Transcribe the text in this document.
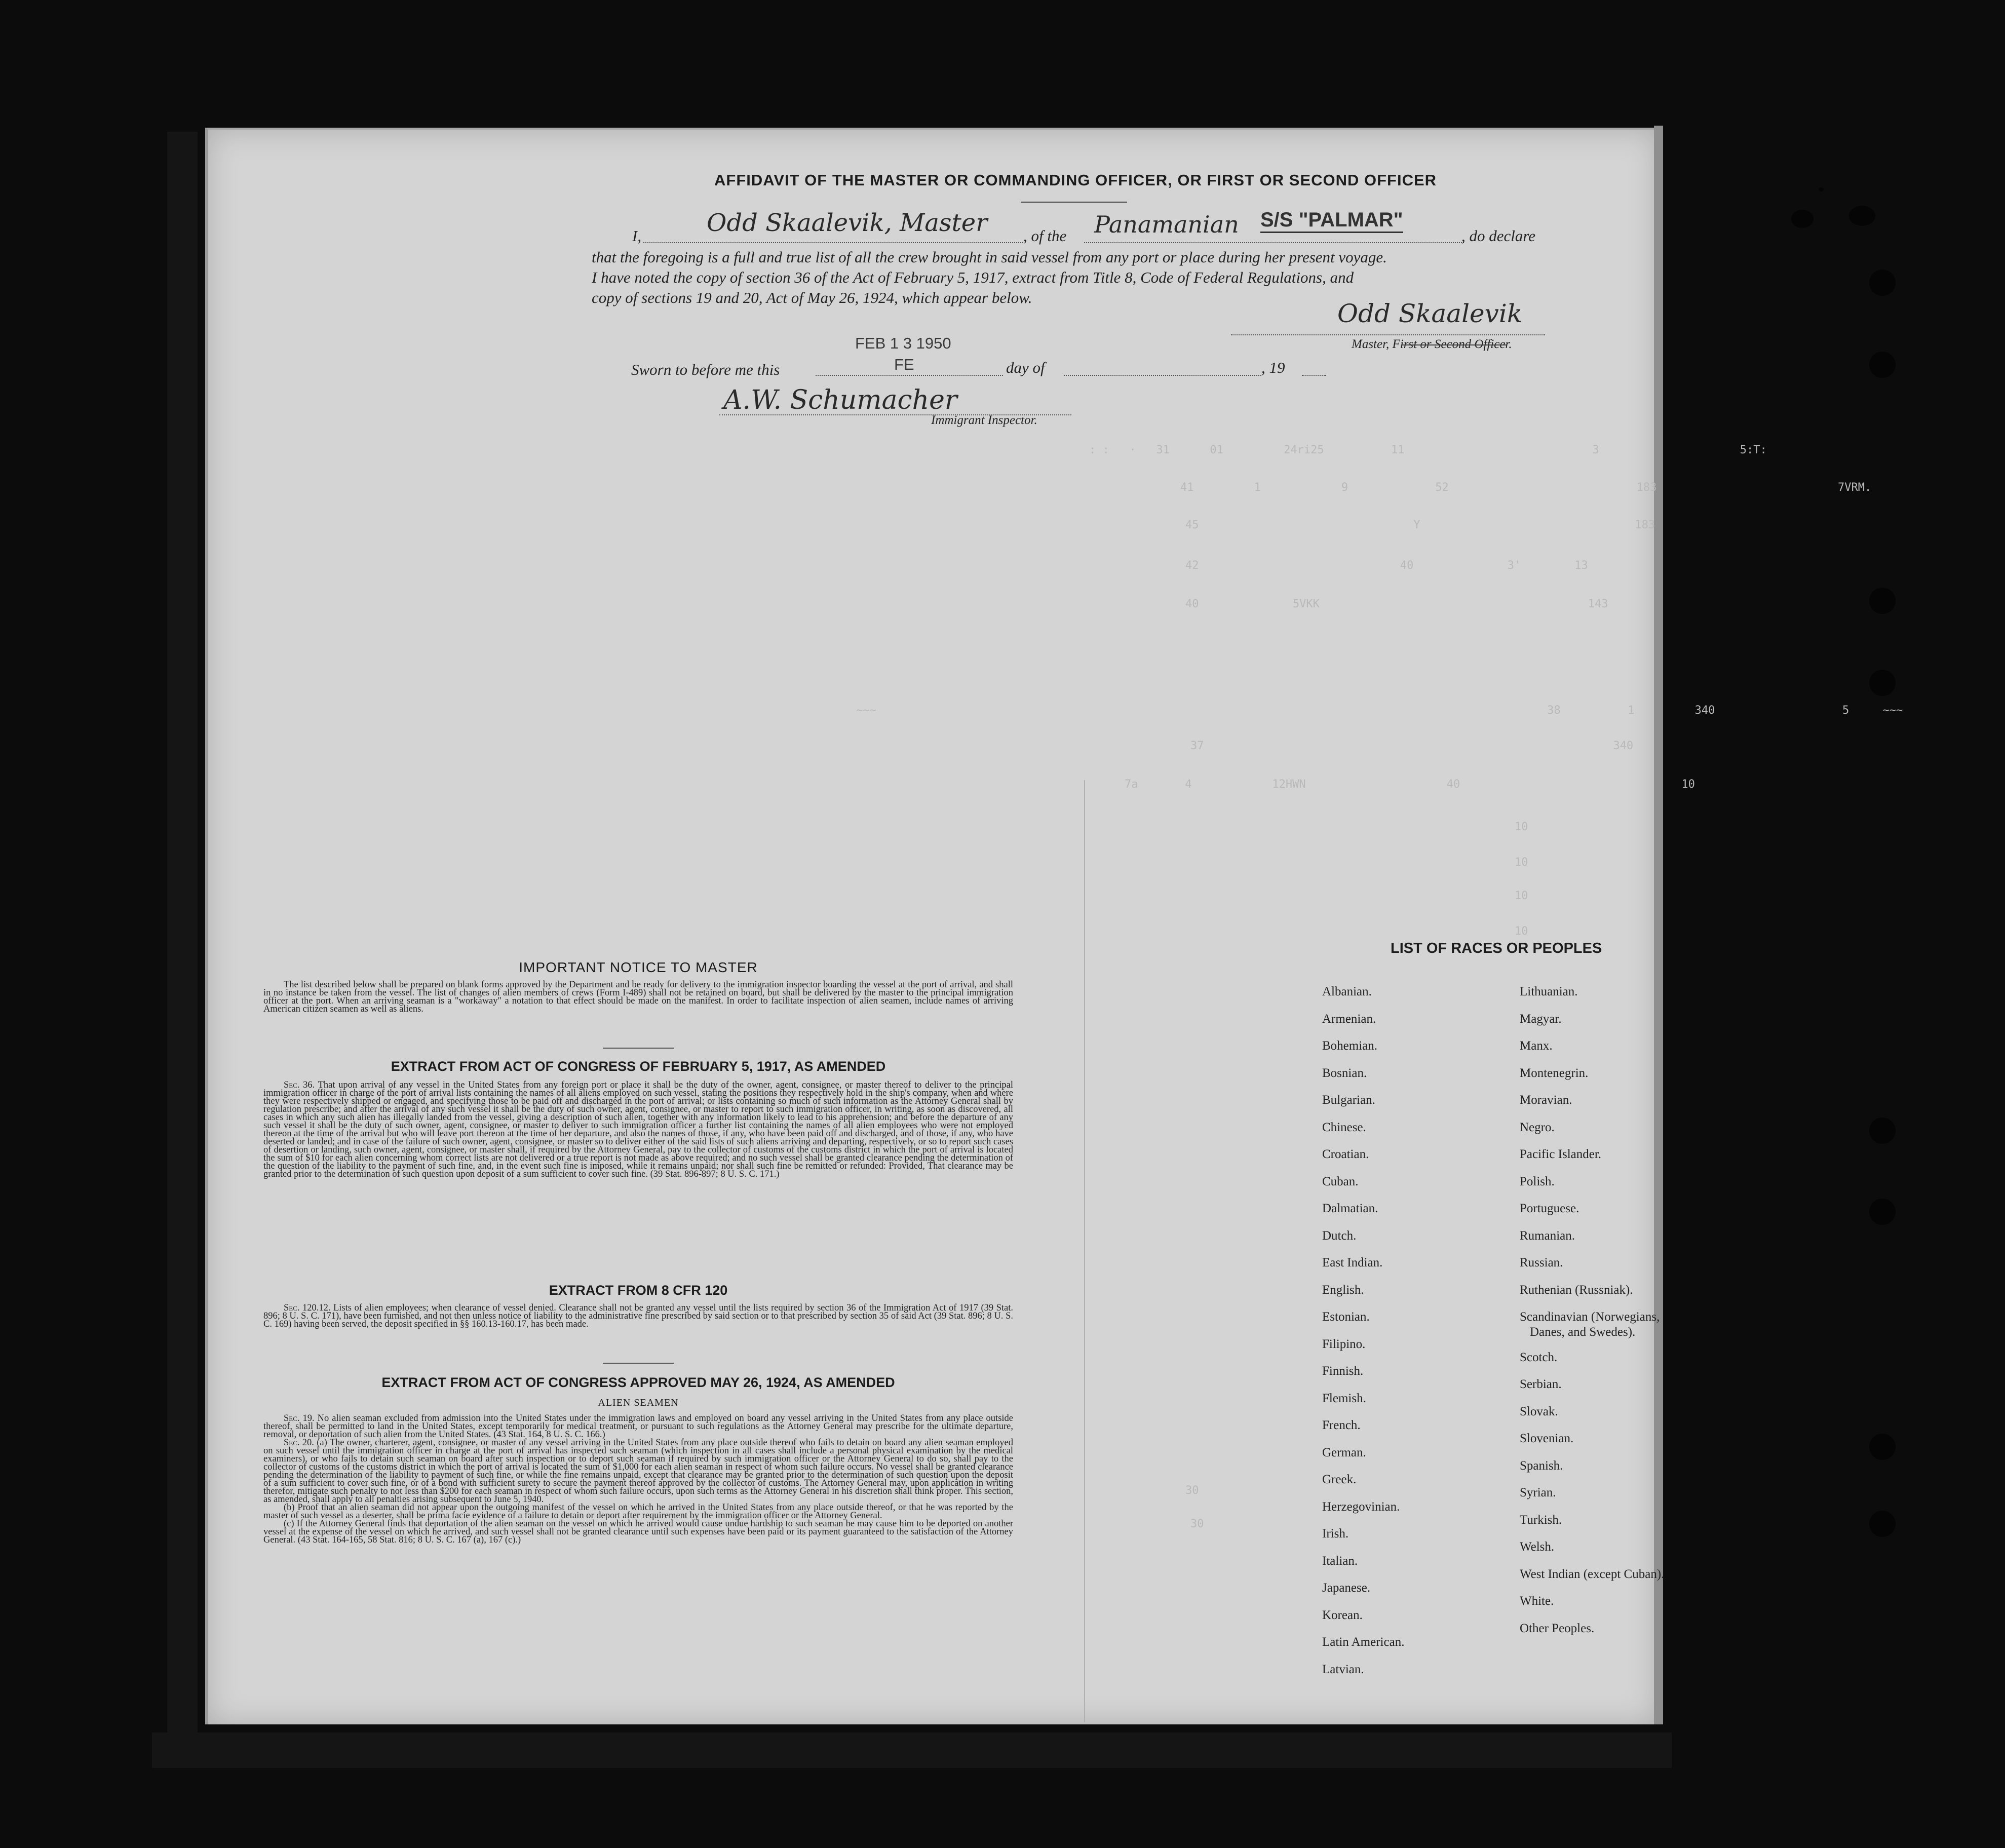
: :   ·   31      01         24ri25          11                            3                     5:T:
41         1            9             52                            183                           7VRM.
45                                Y                                183
42                              40              3'        13
40              5VKK                                        143
~~~                                                                                                    38          1         340                   5     ~~~
37                                                             340
7a       4            12HWN                     40                                 10
10
10
10
10
30
30
AFFIDAVIT OF THE MASTER OR COMMANDING OFFICER, OR FIRST OR SECOND OFFICER
I,	Odd Skaalevik, Master , of the Panamanian S/S "PALMAR"
, do declare
that the foregoing is a full and true list of all the crew brought in said vessel from any port or place during her present voyage.
I have noted the copy of section 36 of the Act of February 5, 1917, extract from Title 8, Code of Federal Regulations, and
copy of sections 19 and 20, Act of May 26, 1924, which appear below.
Odd Skaalevik
Master, First or Second Officer.
FEB 1 3 1950
FE
Sworn to before me this	day of	, 19
A.W. Schumacher
Immigrant Inspector.
IMPORTANT NOTICE TO MASTER

The list described below shall be prepared on blank forms approved by the Department and be ready for delivery to the immigration inspector boarding the vessel at the port of arrival, and shall in no instance be taken from the vessel. The list of changes of alien members of crews (Form I-489) shall not be retained on board, but shall be delivered by the master to the principal immigration officer at the port. When an arriving seaman is a "workaway" a notation to that effect should be made on the manifest. In order to facilitate inspection of alien seamen, include names of arriving American citizen seamen as well as aliens.

EXTRACT FROM ACT OF CONGRESS OF FEBRUARY 5, 1917, AS AMENDED

Sec. 36. That upon arrival of any vessel in the United States from any foreign port or place it shall be the duty of the owner, agent, consignee, or master thereof to deliver to the principal immigration officer in charge of the port of arrival lists containing the names of all aliens employed on such vessel, stating the positions they respectively hold in the ship's company, when and where they were respectively shipped or engaged, and specifying those to be paid off and discharged in the port of arrival; or lists containing so much of such information as the Attorney General shall by regulation prescribe; and after the arrival of any such vessel it shall be the duty of such owner, agent, consignee, or master to report to such immigration officer, in writing, as soon as discovered, all cases in which any such alien has illegally landed from the vessel, giving a description of such alien, together with any information likely to lead to his apprehension; and before the departure of any such vessel it shall be the duty of such owner, agent, consignee, or master to deliver to such immigration officer a further list containing the names of all alien employees who were not employed thereon at the time of the arrival but who will leave port thereon at the time of her departure, and also the names of those, if any, who have been paid off and discharged, and of those, if any, who have deserted or landed; and in case of the failure of such owner, agent, consignee, or master so to deliver either of the said lists of such aliens arriving and departing, respectively, or so to report such cases of desertion or landing, such owner, agent, consignee, or master shall, if required by the Attorney General, pay to the collector of customs of the customs district in which the port of arrival is located the sum of $10 for each alien concerning whom correct lists are not delivered or a true report is not made as above required; and no such vessel shall be granted clearance pending the determination of the question of the liability to the payment of such fine, and, in the event such fine is imposed, while it remains unpaid; nor shall such fine be remitted or refunded: Provided, That clearance may be granted prior to the determination of such question upon deposit of a sum sufficient to cover such fine. (39 Stat. 896-897; 8 U. S. C. 171.)

EXTRACT FROM 8 CFR 120

Sec. 120.12. Lists of alien employees; when clearance of vessel denied. Clearance shall not be granted any vessel until the lists required by section 36 of the Immigration Act of 1917 (39 Stat. 896; 8 U. S. C. 171), have been furnished, and not then unless notice of liability to the administrative fine prescribed by said section or to that prescribed by section 35 of said Act (39 Stat. 896; 8 U. S. C. 169) having been served, the deposit specified in §§ 160.13-160.17, has been made.

EXTRACT FROM ACT OF CONGRESS APPROVED MAY 26, 1924, AS AMENDED
ALIEN SEAMEN

Sec. 19. No alien seaman excluded from admission into the United States under the immigration laws and employed on board any vessel arriving in the United States from any place outside thereof, shall be permitted to land in the United States, except temporarily for medical treatment, or pursuant to such regulations as the Attorney General may prescribe for the ultimate departure, removal, or deportation of such alien from the United States. (43 Stat. 164, 8 U. S. C. 166.)

Sec. 20. (a) The owner, charterer, agent, consignee, or master of any vessel arriving in the United States from any place outside thereof who fails to detain on board any alien seaman employed on such vessel until the immigration officer in charge at the port of arrival has inspected such seaman (which inspection in all cases shall include a personal physical examination by the medical examiners), or who fails to detain such seaman on board after such inspection or to deport such seaman if required by such immigration officer or the Attorney General to do so, shall pay to the collector of customs of the customs district in which the port of arrival is located the sum of $1,000 for each alien seaman in respect of whom such failure occurs. No vessel shall be granted clearance pending the determination of the liability to payment of such fine, or while the fine remains unpaid, except that clearance may be granted prior to the determination of such question upon the deposit of a sum sufficient to cover such fine, or of a bond with sufficient surety to secure the payment thereof approved by the collector of customs. The Attorney General may, upon application in writing therefor, mitigate such penalty to not less than $200 for each seaman in respect of whom such failure occurs, upon such terms as the Attorney General in his discretion shall think proper. This section, as amended, shall apply to all penalties arising subsequent to June 5, 1940.

(b) Proof that an alien seaman did not appear upon the outgoing manifest of the vessel on which he arrived in the United States from any place outside thereof, or that he was reported by the master of such vessel as a deserter, shall be prima facie evidence of a failure to detain or deport after requirement by the immigration officer or the Attorney General.

(c) If the Attorney General finds that deportation of the alien seaman on the vessel on which he arrived would cause undue hardship to such seaman he may cause him to be deported on another vessel at the expense of the vessel on which he arrived, and such vessel shall not be granted clearance until such expenses have been paid or its payment guaranteed to the satisfaction of the Attorney General. (43 Stat. 164-165, 58 Stat. 816; 8 U. S. C. 167 (a), 167 (c).)

LIST OF RACES OR PEOPLES
Albanian.
Armenian.
Bohemian.
Bosnian.
Bulgarian.
Chinese.
Croatian.
Cuban.
Dalmatian.
Dutch.
East Indian.
English.
Estonian.
Filipino.
Finnish.
Flemish.
French.
German.
Greek.
Herzegovinian.
Irish.
Italian.
Japanese.
Korean.
Latin American.
Latvian.
Lithuanian.
Magyar.
Manx.
Montenegrin.
Moravian.
Negro.
Pacific Islander.
Polish.
Portuguese.
Rumanian.
Russian.
Ruthenian (Russniak).
Scandinavian (Norwegians,
Danes, and Swedes).
Scotch.
Serbian.
Slovak.
Slovenian.
Spanish.
Syrian.
Turkish.
Welsh.
West Indian (except Cuban).
White.
Other Peoples.
